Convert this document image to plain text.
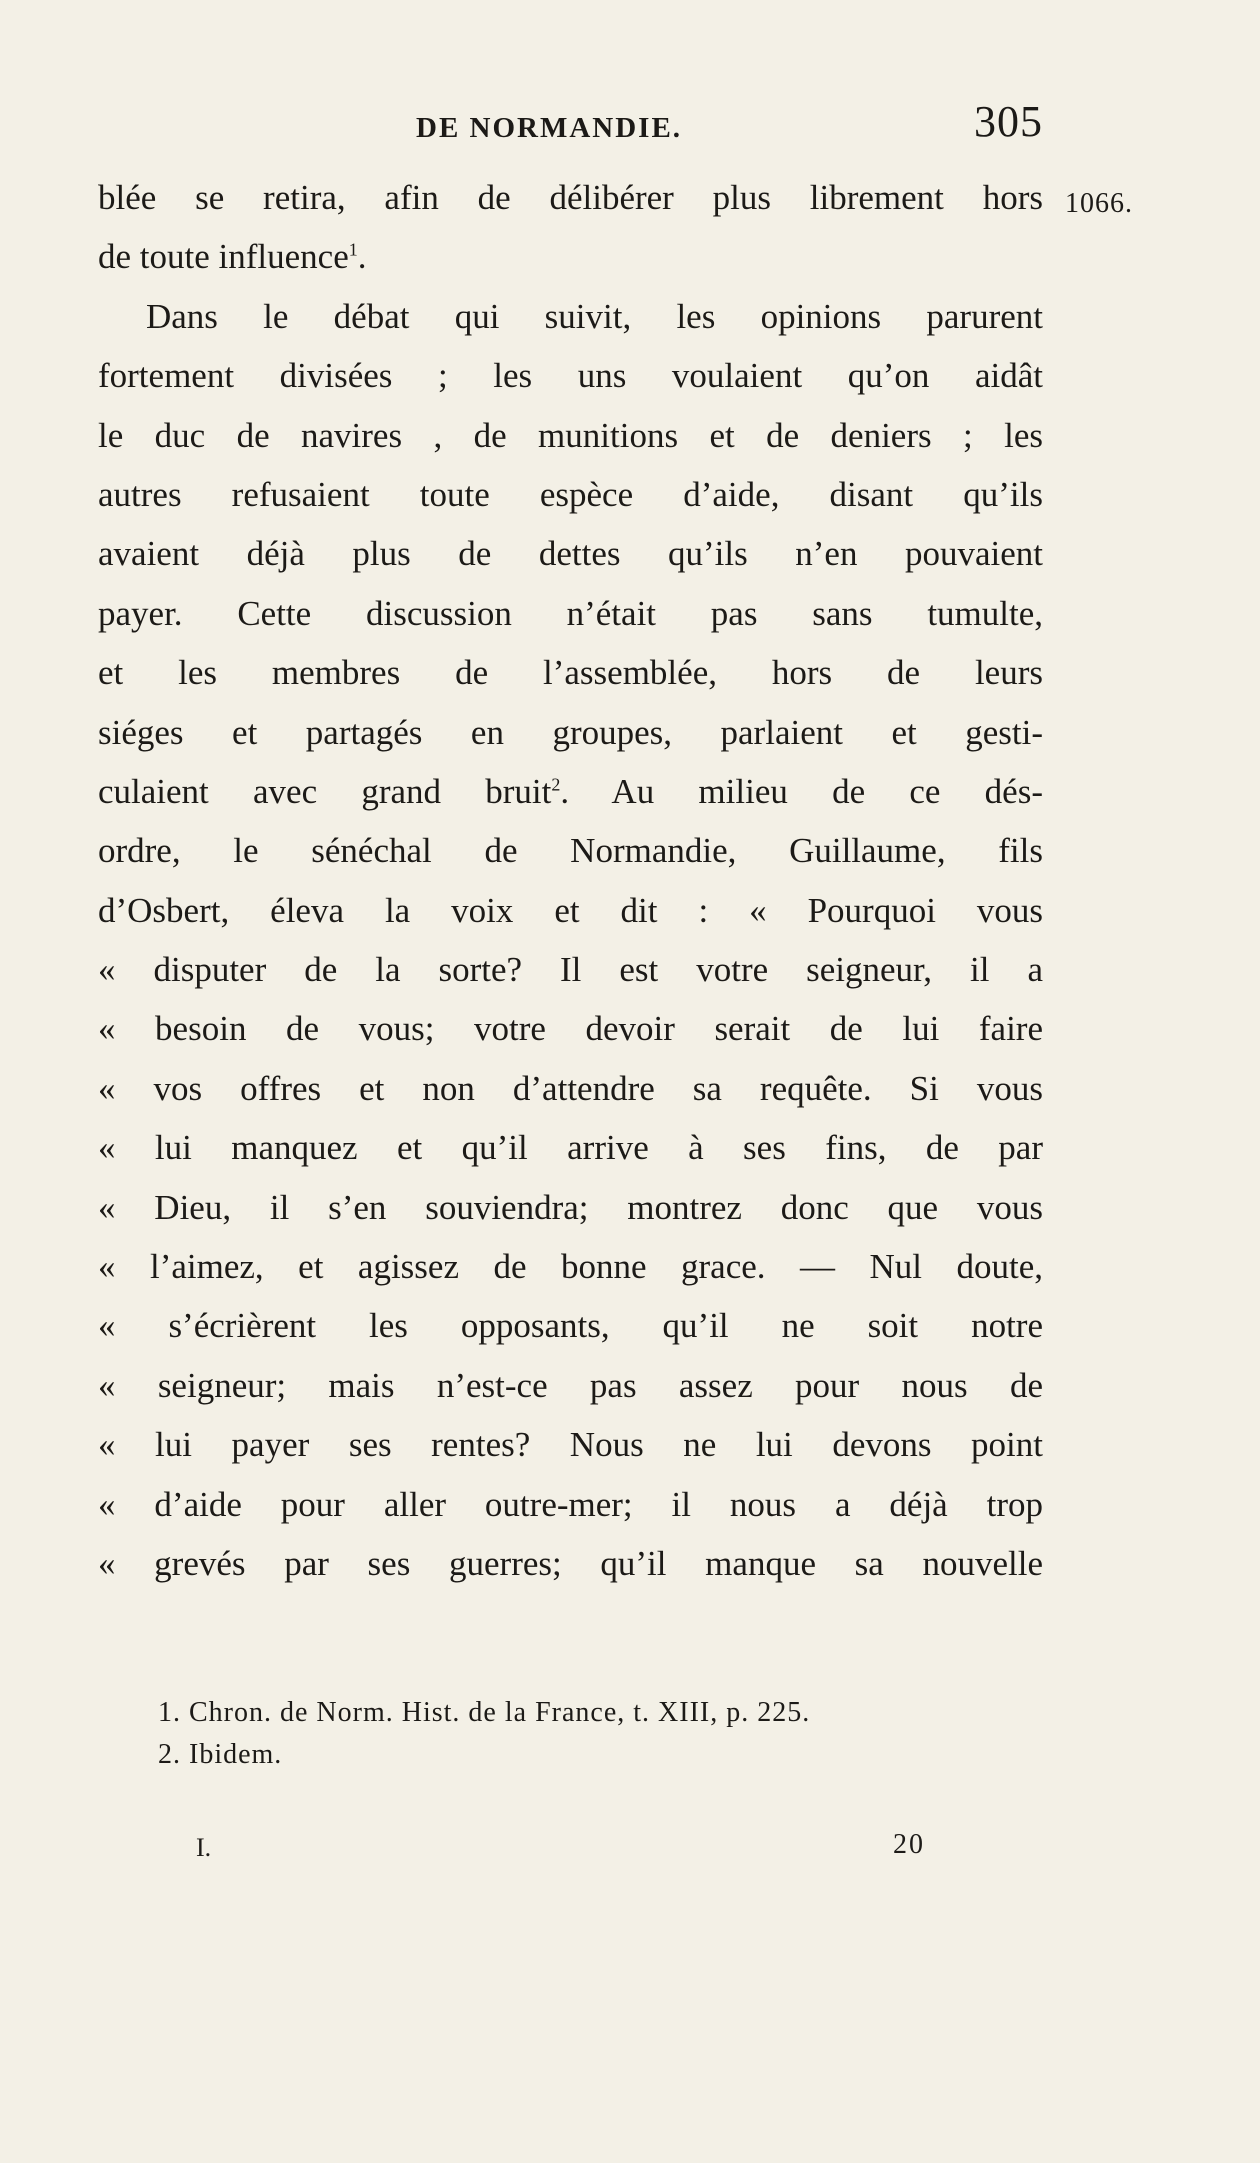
DE NORMANDIE.	305
1066.
blée se retira, afin de délibérer plus librement hors
de toute influence$^1$.
Dans le débat qui suivit, les opinions parurent
fortement divisées ; les uns voulaient qu’on aidât
le duc de navires , de munitions et de deniers ; les
autres refusaient toute espèce d’aide, disant qu’ils
avaient déjà plus de dettes qu’ils n’en pouvaient
payer. Cette discussion n’était pas sans tumulte,
et les membres de l’assemblée, hors de leurs
siéges et partagés en groupes, parlaient et gesti-
culaient avec grand bruit$^2$. Au milieu de ce dés-
ordre, le sénéchal de Normandie, Guillaume, fils
d’Osbert, éleva la voix et dit : « Pourquoi vous
« disputer de la sorte? Il est votre seigneur, il a
« besoin de vous; votre devoir serait de lui faire
« vos offres et non d’attendre sa requête. Si vous
« lui manquez et qu’il arrive à ses fins, de par
« Dieu, il s’en souviendra; montrez donc que vous
« l’aimez, et agissez de bonne grace. — Nul doute,
« s’écrièrent les opposants, qu’il ne soit notre
« seigneur; mais n’est-ce pas assez pour nous de
« lui payer ses rentes? Nous ne lui devons point
« d’aide pour aller outre-mer; il nous a déjà trop
« grevés par ses guerres; qu’il manque sa nouvelle
1. Chron. de Norm. Hist. de la France, t. XIII, p. 225.
2. Ibidem.
I.	20
